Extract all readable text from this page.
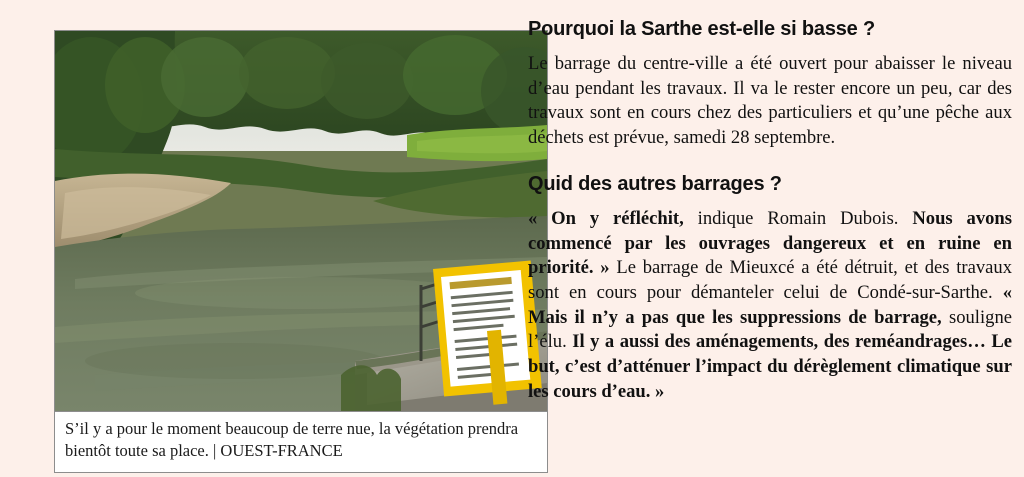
S’il y a pour le moment beaucoup de terre nue, la végétation prendra bientôt toute sa place. | OUEST-FRANCE
Pourquoi la Sarthe est-elle si basse ?

Le barrage du centre-ville a été ouvert pour abaisser le niveau d’eau pendant les travaux. Il va le rester encore un peu, car des travaux sont en cours chez des particuliers et qu’une pêche aux déchets est prévue, samedi 28 septembre.

Quid des autres barrages ?

« On y réfléchit, indique Romain Dubois. Nous avons commencé par les ouvrages dangereux et en ruine en priorité. » Le barrage de Mieuxcé a été détruit, et des travaux sont en cours pour démanteler celui de Condé-sur-Sarthe. « Mais il n’y a pas que les suppressions de barrage, souligne l’élu. Il y a aussi des aménagements, des reméandrages… Le but, c’est d’atténuer l’impact du dérèglement climatique sur les cours d’eau. »
